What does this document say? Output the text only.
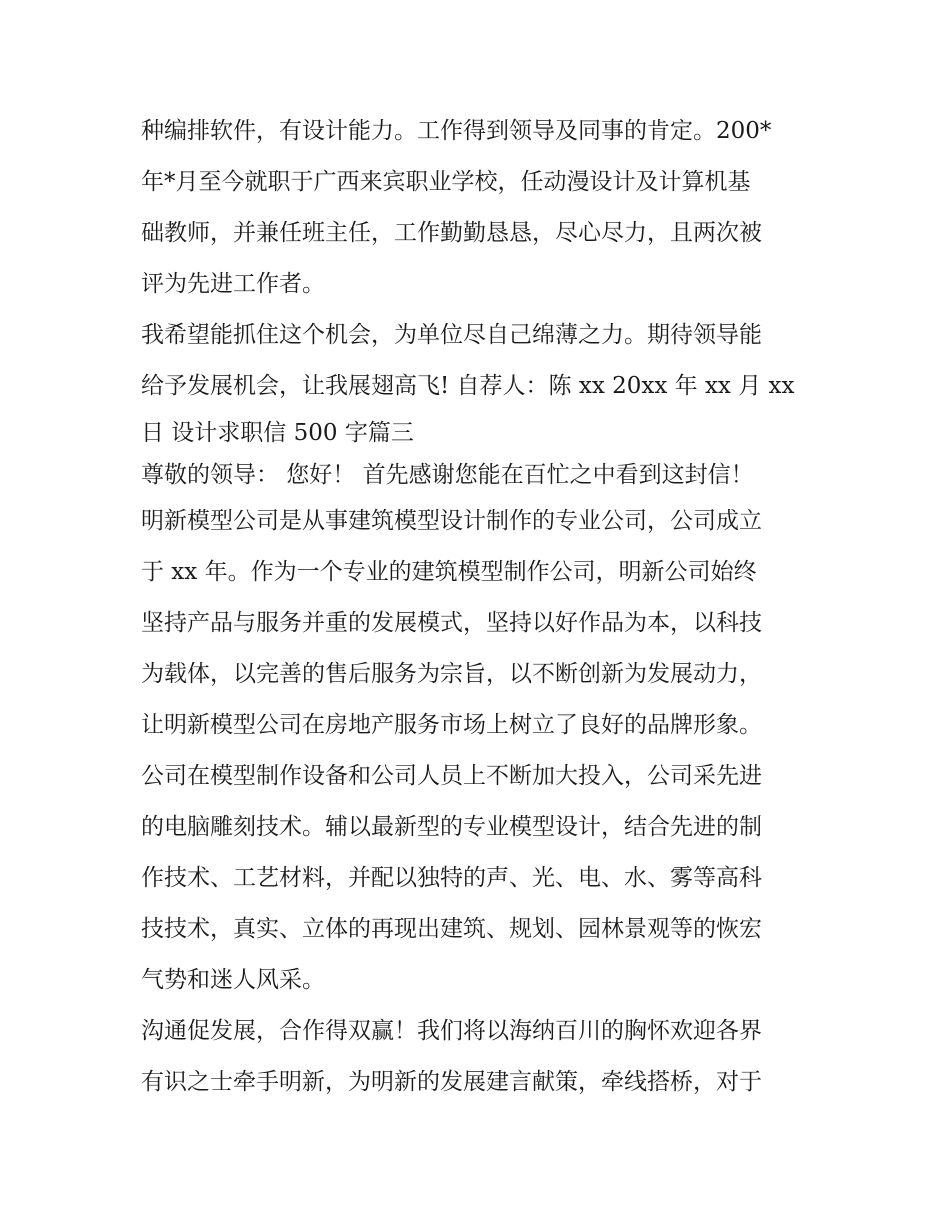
种编排软件，有设计能力。工作得到领导及同事的肯定。200*
年*月至今就职于广西来宾职业学校，任动漫设计及计算机基
础教师，并兼任班主任，工作勤勤恳恳，尽心尽力，且两次被
评为先进工作者。
我希望能抓住这个机会，为单位尽自己绵薄之力。期待领导能
给予发展机会，让我展翅高飞! 自荐人：陈 xx 20xx 年 xx 月 xx
日 设计求职信 500 字篇三
尊敬的领导： 您好！ 首先感谢您能在百忙之中看到这封信！
明新模型公司是从事建筑模型设计制作的专业公司，公司成立
于 xx 年。作为一个专业的建筑模型制作公司，明新公司始终
坚持产品与服务并重的发展模式，坚持以好作品为本，以科技
为载体，以完善的售后服务为宗旨，以不断创新为发展动力，
让明新模型公司在房地产服务市场上树立了良好的品牌形象。
公司在模型制作设备和公司人员上不断加大投入，公司采先进
的电脑雕刻技术。辅以最新型的专业模型设计，结合先进的制
作技术、工艺材料，并配以独特的声、光、电、水、雾等高科
技技术，真实、立体的再现出建筑、规划、园林景观等的恢宏
气势和迷人风采。
沟通促发展，合作得双赢！我们将以海纳百川的胸怀欢迎各界
有识之士牵手明新，为明新的发展建言献策，牵线搭桥，对于
